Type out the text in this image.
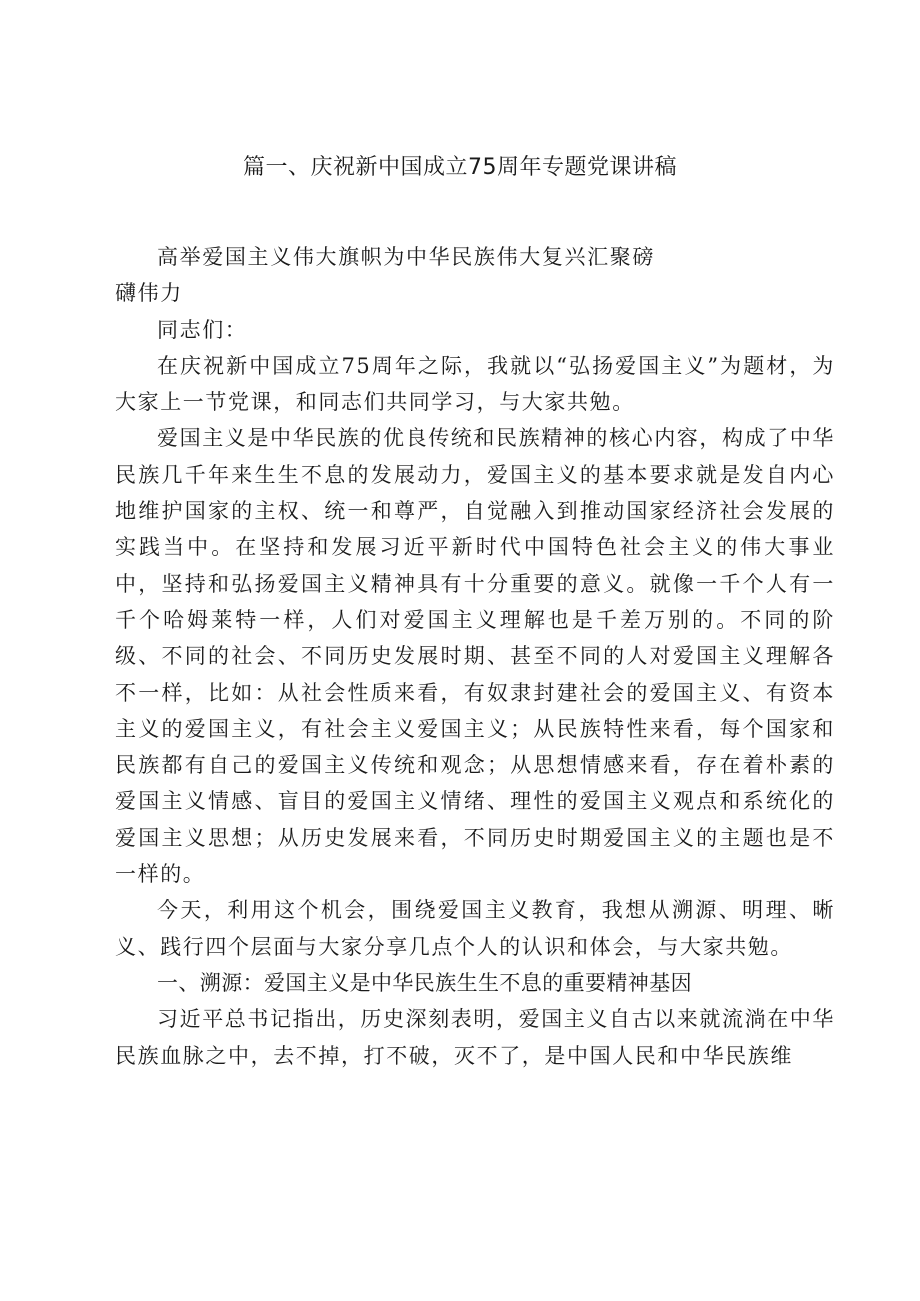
篇一、庆祝新中国成立75周年专题党课讲稿

高举爱国主义伟大旗帜为中华民族伟大复兴汇聚磅礴伟力

同志们：

在庆祝新中国成立75周年之际，我就以“弘扬爱国主义”为题材，为大家上一节党课，和同志们共同学习，与大家共勉。

爱国主义是中华民族的优良传统和民族精神的核心内容，构成了中华民族几千年来生生不息的发展动力，爱国主义的基本要求就是发自内心地维护国家的主权、统一和尊严，自觉融入到推动国家经济社会发展的实践当中。在坚持和发展习近平新时代中国特色社会主义的伟大事业中，坚持和弘扬爱国主义精神具有十分重要的意义。就像一千个人有一千个哈姆莱特一样，人们对爱国主义理解也是千差万别的。不同的阶级、不同的社会、不同历史发展时期、甚至不同的人对爱国主义理解各不一样，比如：从社会性质来看，有奴隶封建社会的爱国主义、有资本主义的爱国主义，有社会主义爱国主义；从民族特性来看，每个国家和民族都有自己的爱国主义传统和观念；从思想情感来看，存在着朴素的爱国主义情感、盲目的爱国主义情绪、理性的爱国主义观点和系统化的爱国主义思想；从历史发展来看，不同历史时期爱国主义的主题也是不一样的。

今天，利用这个机会，围绕爱国主义教育，我想从溯源、明理、晰义、践行四个层面与大家分享几点个人的认识和体会，与大家共勉。

一、溯源：爱国主义是中华民族生生不息的重要精神基因

习近平总书记指出，历史深刻表明，爱国主义自古以来就流淌在中华民族血脉之中，去不掉，打不破，灭不了，是中国人民和中华民族维
